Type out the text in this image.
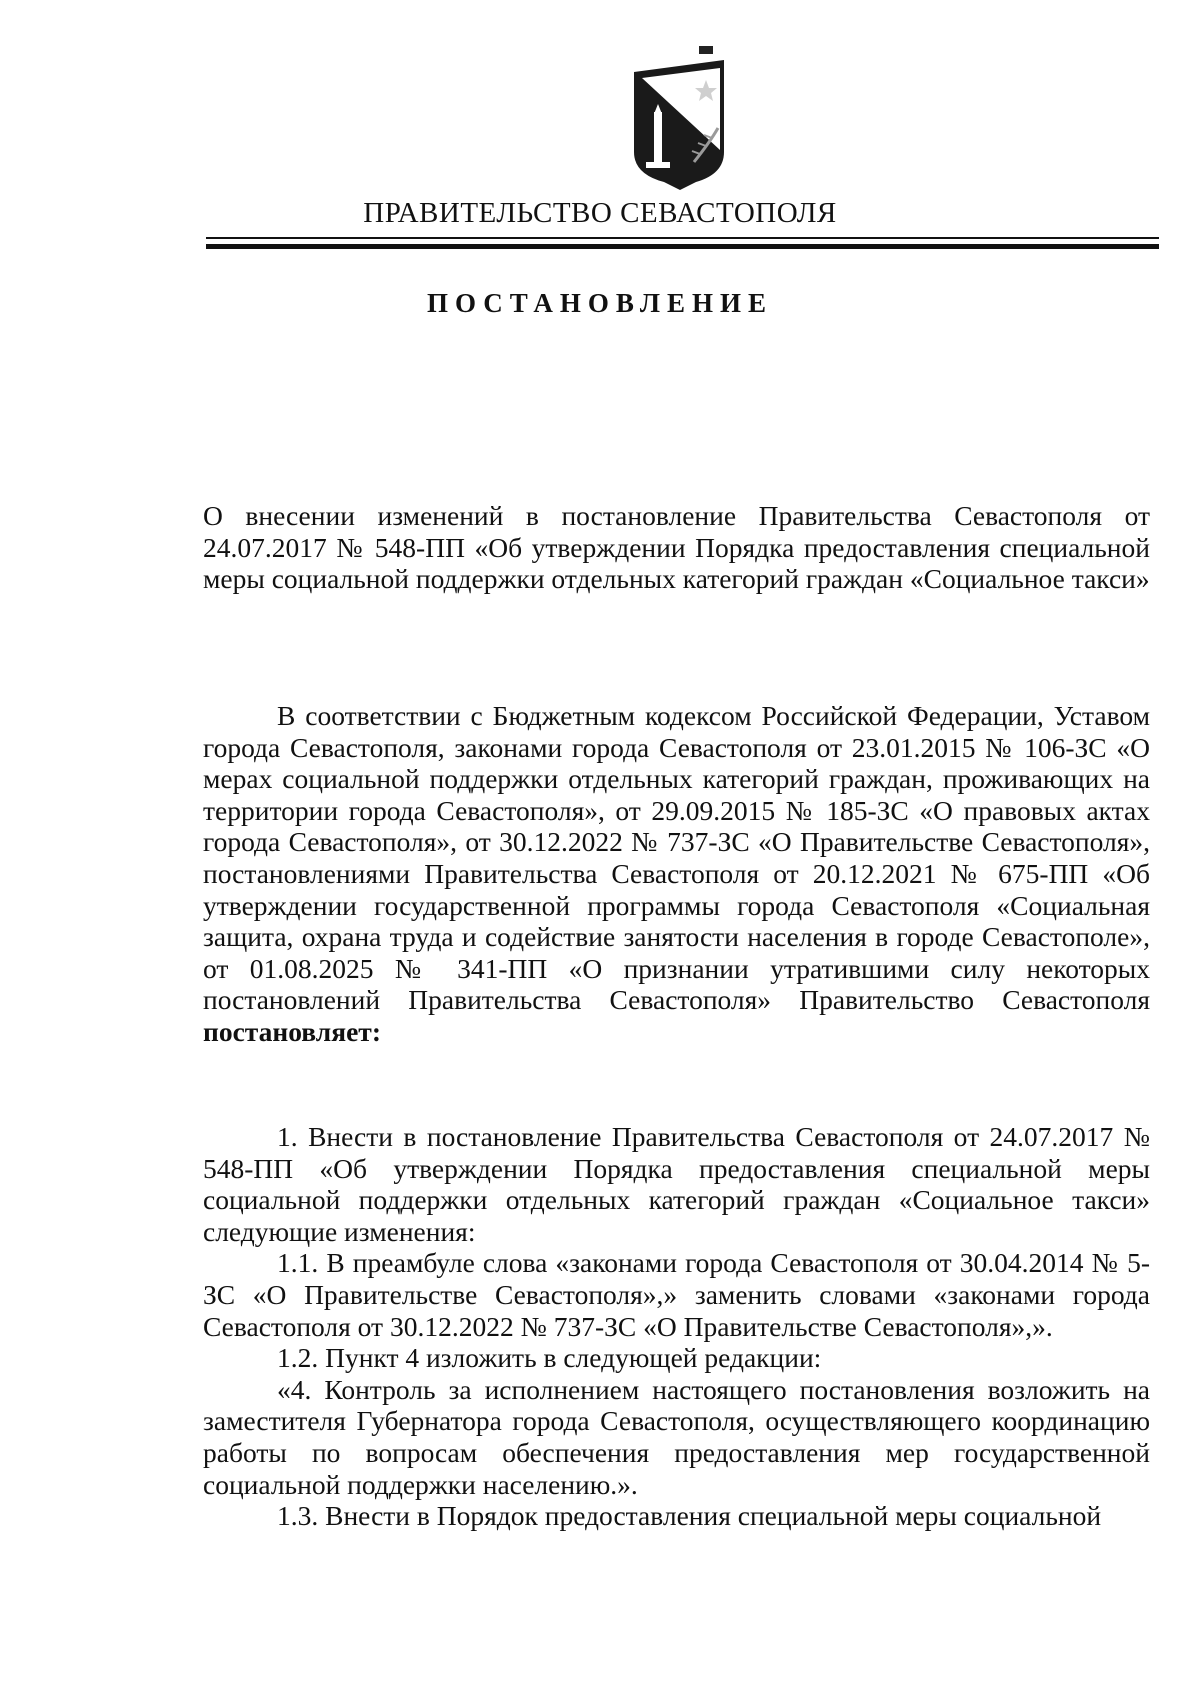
ПРАВИТЕЛЬСТВО СЕВАСТОПОЛЯ
ПОСТАНОВЛЕНИЕ

О внесении изменений в постановление Правительства Севастополя от 24.07.2017 № 548-ПП «Об утверждении Порядка предоставления специальной меры социальной поддержки отдельных категорий граждан «Социальное такси»

В соответствии с Бюджетным кодексом Российской Федерации, Уставом города Севастополя, законами города Севастополя от 23.01.2015 № 106-ЗС «О мерах социальной поддержки отдельных категорий граждан, проживающих на территории города Севастополя», от 29.09.2015 № 185-ЗС «О правовых актах города Севастополя», от 30.12.2022 № 737-ЗС «О Правительстве Севастополя», постановлениями Правительства Севастополя от 20.12.2021 № 675-ПП «Об утверждении государственной программы города Севастополя «Социальная защита, охрана труда и содействие занятости населения в городе Севастополе», от 01.08.2025 № 341-ПП «О признании утратившими силу некоторых постановлений Правительства Севастополя» Правительство Севастополя постановляет:

1. Внести в постановление Правительства Севастополя от 24.07.2017 № 548-ПП «Об утверждении Порядка предоставления специальной меры социальной поддержки отдельных категорий граждан «Социальное такси» следующие изменения:

1.1. В преамбуле слова «законами города Севастополя от 30.04.2014 № 5-ЗС «О Правительстве Севастополя»,» заменить словами «законами города Севастополя от 30.12.2022 № 737-ЗС «О Правительстве Севастополя»,».

1.2. Пункт 4 изложить в следующей редакции:

«4. Контроль за исполнением настоящего постановления возложить на заместителя Губернатора города Севастополя, осуществляющего координацию работы по вопросам обеспечения предоставления мер государственной социальной поддержки населению.».

1.3. Внести в Порядок предоставления специальной меры социальной
